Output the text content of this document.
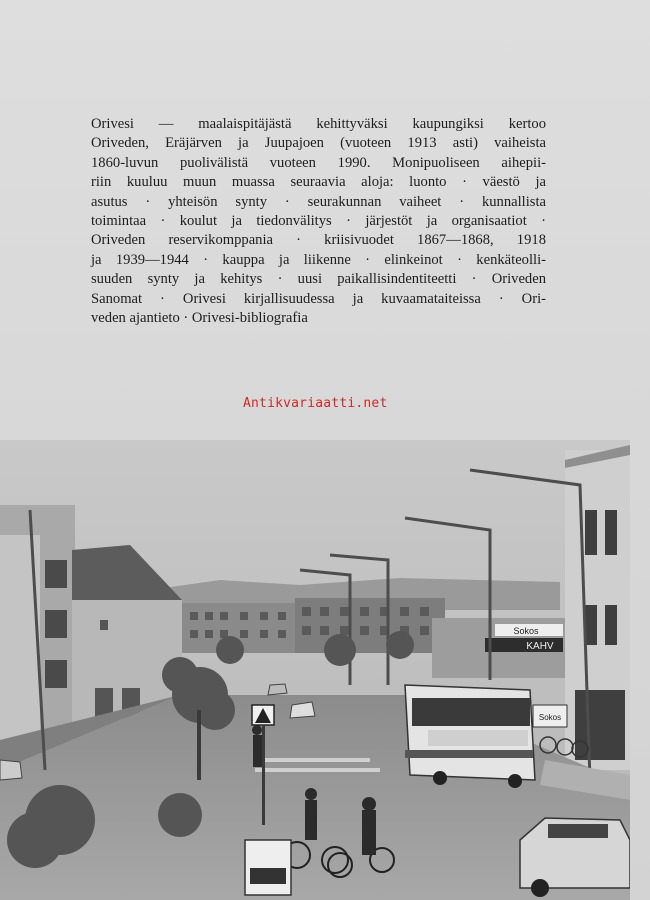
Orivesi — maalaispitäjästä kehittyväksi kaupungiksi kertoo
Oriveden, Eräjärven ja Juupajoen (vuoteen 1913 asti) vaiheista
1860-luvun puolivälistä vuoteen 1990. Monipuoliseen aihepii-
riin kuuluu muun muassa seuraavia aloja: luonto · väestö ja
asutus · yhteisön synty · seurakunnan vaiheet · kunnallista
toimintaa · koulut ja tiedonvälitys · järjestöt ja organisaatiot ·
Oriveden reservikomppania · kriisivuodet 1867—1868, 1918
ja 1939—1944 · kauppa ja liikenne · elinkeinot · kenkäteolli-
suuden synty ja kehitys · uusi paikallisindentiteetti · Oriveden
Sanomat · Orivesi kirjallisuudessa ja kuvaamataiteissa · Ori-
veden ajantieto · Orivesi-bibliografia
Antikvariaatti.net
Sokos
KAHV
Sokos
